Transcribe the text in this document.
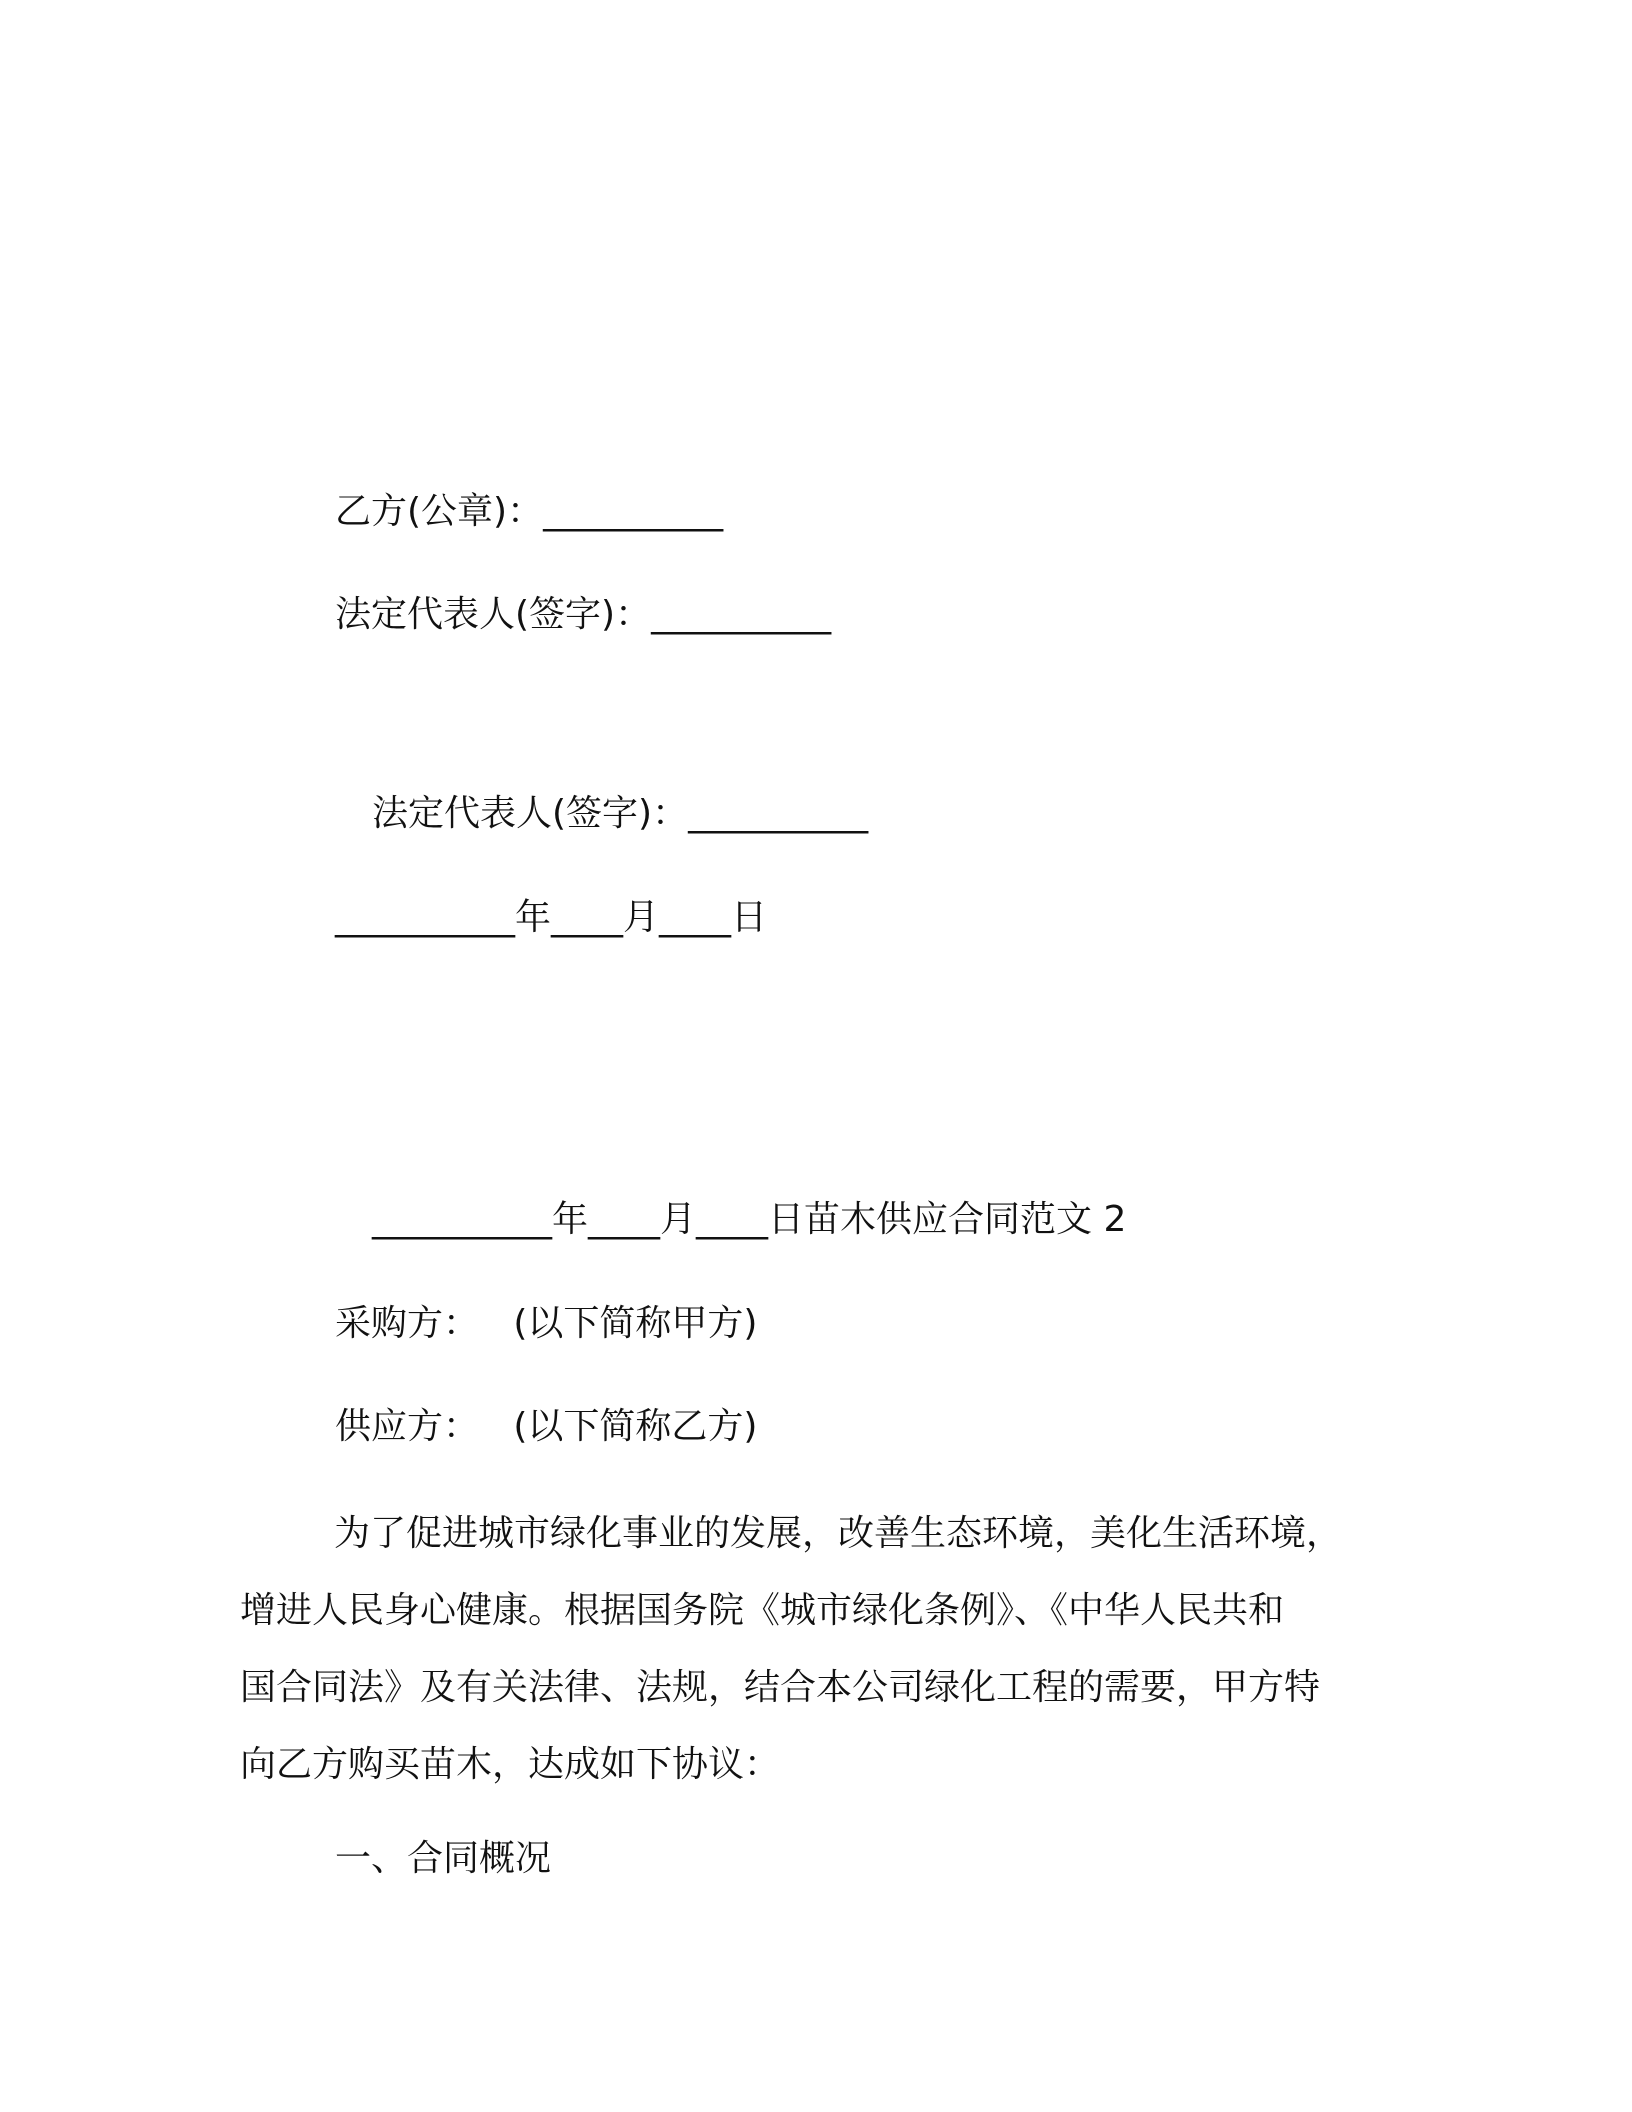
乙方(公章)：__________
法定代表人(签字)：__________
法定代表人(签字)：__________
__________年____月____日
__________年____月____日苗木供应合同范文 2
采购方：   (以下简称甲方)
供应方：   (以下简称乙方)
为了促进城市绿化事业的发展，改善生态环境，美化生活环境，
增进人民身心健康。根据国务院《城市绿化条例》、《中华人民共和
国合同法》及有关法律、法规，结合本公司绿化工程的需要，甲方特
向乙方购买苗木，达成如下协议：
一、合同概况
